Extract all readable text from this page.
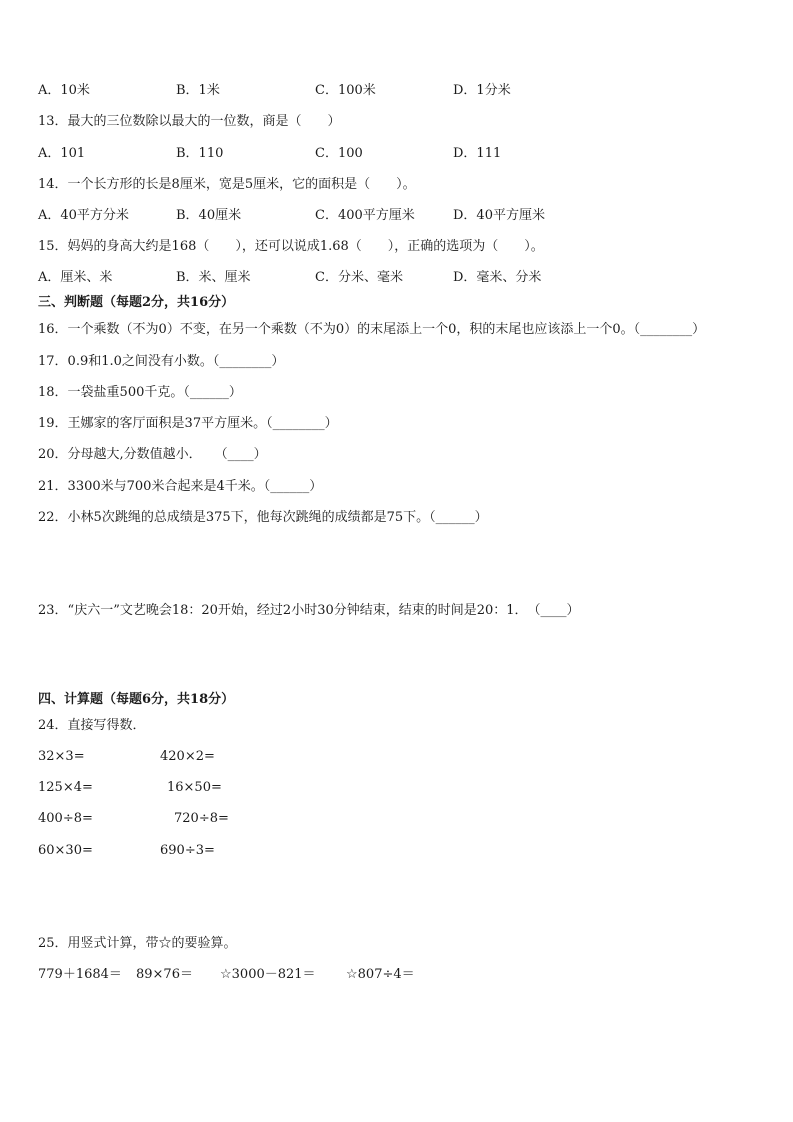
A．10米	B．1米	C．100米	D．1分米
13．最大的三位数除以最大的一位数，商是（　　）
A．101	B．110	C．100	D．111
14．一个长方形的长是8厘米，宽是5厘米，它的面积是（　　）。
A．40平方分米	B．40厘米	C．400平方厘米	D．40平方厘米
15．妈妈的身高大约是168（　　），还可以说成1.68（　　），正确的选项为（　　）。
A．厘米、米	B．米、厘米	C．分米、毫米	D．毫米、分米
三、判断题（每题2分，共16分）
16．一个乘数（不为0）不变，在另一个乘数（不为0）的末尾添上一个0，积的末尾也应该添上一个0。（________）
17．0.9和1.0之间没有小数。（________）
18．一袋盐重500千克。（______）
19．王娜家的客厅面积是37平方厘米。（________）
20．分母越大,分数值越小．　　（____）
21．3300米与700米合起来是4千米。（______）
22．小林5次跳绳的总成绩是375下，他每次跳绳的成绩都是75下。（______）
23．“庆六一”文艺晚会18：20开始，经过2小时30分钟结束，结束的时间是20：1．　（____）
四、计算题（每题6分，共18分）
24．直接写得数．
32×3=	420×2=
125×4=	16×50=
400÷8=	720÷8=
60×30=	690÷3=
25．用竖式计算，带☆的要验算。
779＋1684＝ 89×76＝ ☆3000－821＝ ☆807÷4＝
